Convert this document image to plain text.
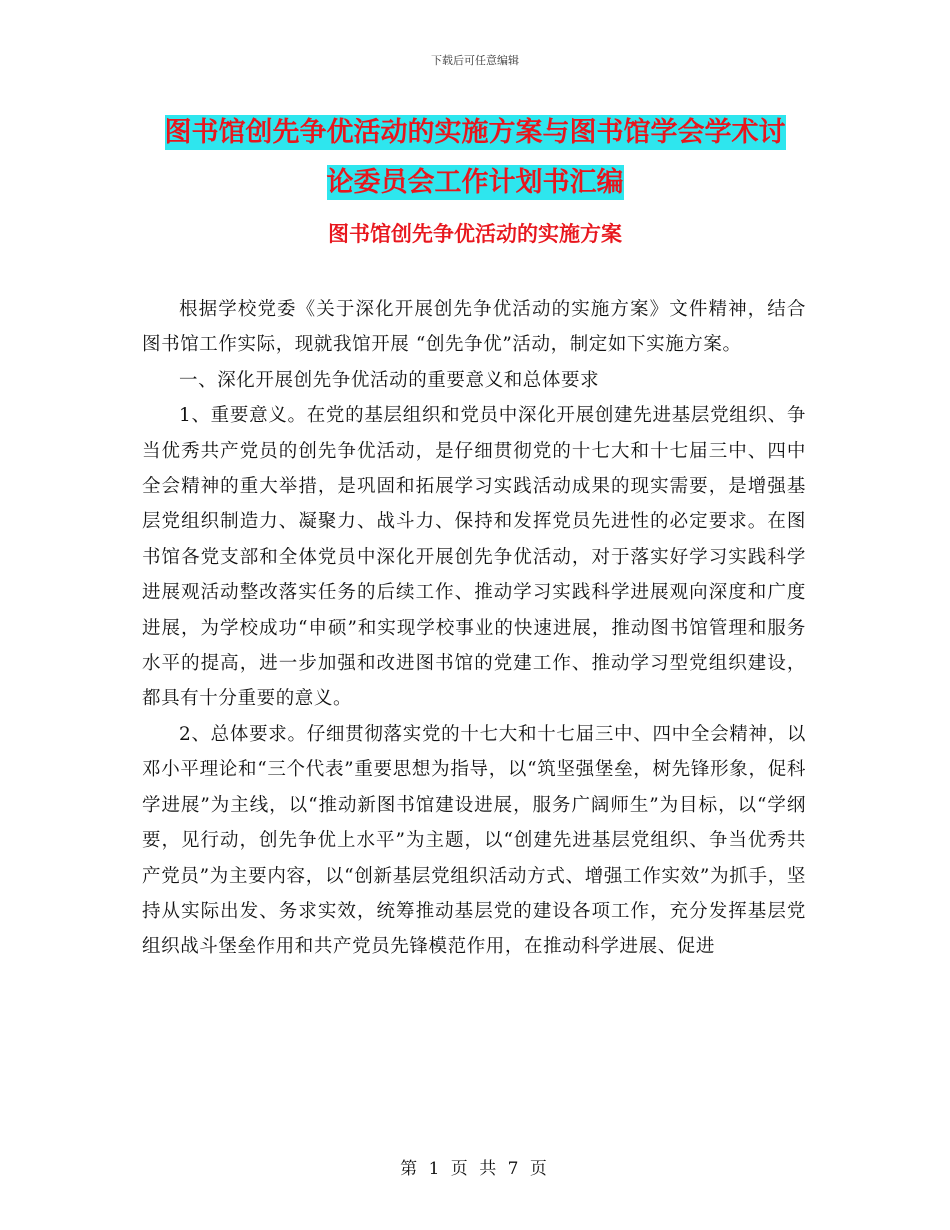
下载后可任意编辑
图书馆创先争优活动的实施方案与图书馆学会学术讨
论委员会工作计划书汇编
图书馆创先争优活动的实施方案

根据学校党委《关于深化开展创先争优活动的实施方案》文件精神，结合图书馆工作实际，现就我馆开展 “创先争优”活动，制定如下实施方案。

一、深化开展创先争优活动的重要意义和总体要求

1、重要意义。在党的基层组织和党员中深化开展创建先进基层党组织、争当优秀共产党员的创先争优活动，是仔细贯彻党的十七大和十七届三中、四中全会精神的重大举措，是巩固和拓展学习实践活动成果的现实需要，是增强基层党组织制造力、凝聚力、战斗力、保持和发挥党员先进性的必定要求。在图书馆各党支部和全体党员中深化开展创先争优活动，对于落实好学习实践科学进展观活动整改落实任务的后续工作、推动学习实践科学进展观向深度和广度进展，为学校成功“申硕”和实现学校事业的快速进展，推动图书馆管理和服务水平的提高，进一步加强和改进图书馆的党建工作、推动学习型党组织建设，都具有十分重要的意义。

2、总体要求。仔细贯彻落实党的十七大和十七届三中、四中全会精神，以邓小平理论和“三个代表”重要思想为指导，以“筑坚强堡垒，树先锋形象，促科学进展”为主线，以“推动新图书馆建设进展，服务广阔师生”为目标，以“学纲要，见行动，创先争优上水平”为主题，以“创建先进基层党组织、争当优秀共产党员”为主要内容，以“创新基层党组织活动方式、增强工作实效”为抓手，坚持从实际出发、务求实效，统筹推动基层党的建设各项工作，充分发挥基层党组织战斗堡垒作用和共产党员先锋模范作用，在推动科学进展、促进

第 1 页 共 7 页
